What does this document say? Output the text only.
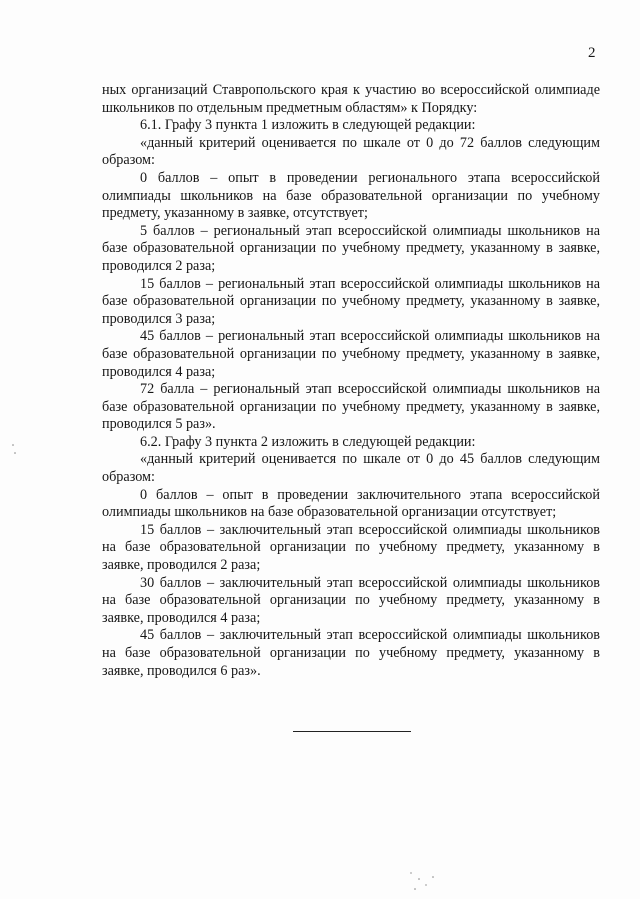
2

ных организаций Ставропольского края к участию во всероссийской олимпиаде школьников по отдельным предметным областям» к Порядку:

6.1. Графу 3 пункта 1 изложить в следующей редакции:

«данный критерий оценивается по шкале от 0 до 72 баллов следующим образом:

0 баллов – опыт в проведении регионального этапа всероссийской олимпиады школьников на базе образовательной организации по учебному предмету, указанному в заявке, отсутствует;

5 баллов – региональный этап всероссийской олимпиады школьников на базе образовательной организации по учебному предмету, указанному в заявке, проводился 2 раза;

15 баллов – региональный этап всероссийской олимпиады школьников на базе образовательной организации по учебному предмету, указанному в заявке, проводился 3 раза;

45 баллов – региональный этап всероссийской олимпиады школьников на базе образовательной организации по учебному предмету, указанному в заявке, проводился 4 раза;

72 балла – региональный этап всероссийской олимпиады школьников на базе образовательной организации по учебному предмету, указанному в заявке, проводился 5 раз».

6.2. Графу 3 пункта 2 изложить в следующей редакции:

«данный критерий оценивается по шкале от 0 до 45 баллов следующим образом:

0 баллов – опыт в проведении заключительного этапа всероссийской олимпиады школьников на базе образовательной организации отсутствует;

15 баллов – заключительный этап всероссийской олимпиады школьников на базе образовательной организации по учебному предмету, указанному в заявке, проводился 2 раза;

30 баллов – заключительный этап всероссийской олимпиады школьников на базе образовательной организации по учебному предмету, указанному в заявке, проводился 4 раза;

45 баллов – заключительный этап всероссийской олимпиады школьников на базе образовательной организации по учебному предмету, указанному в заявке, проводился 6 раз».
